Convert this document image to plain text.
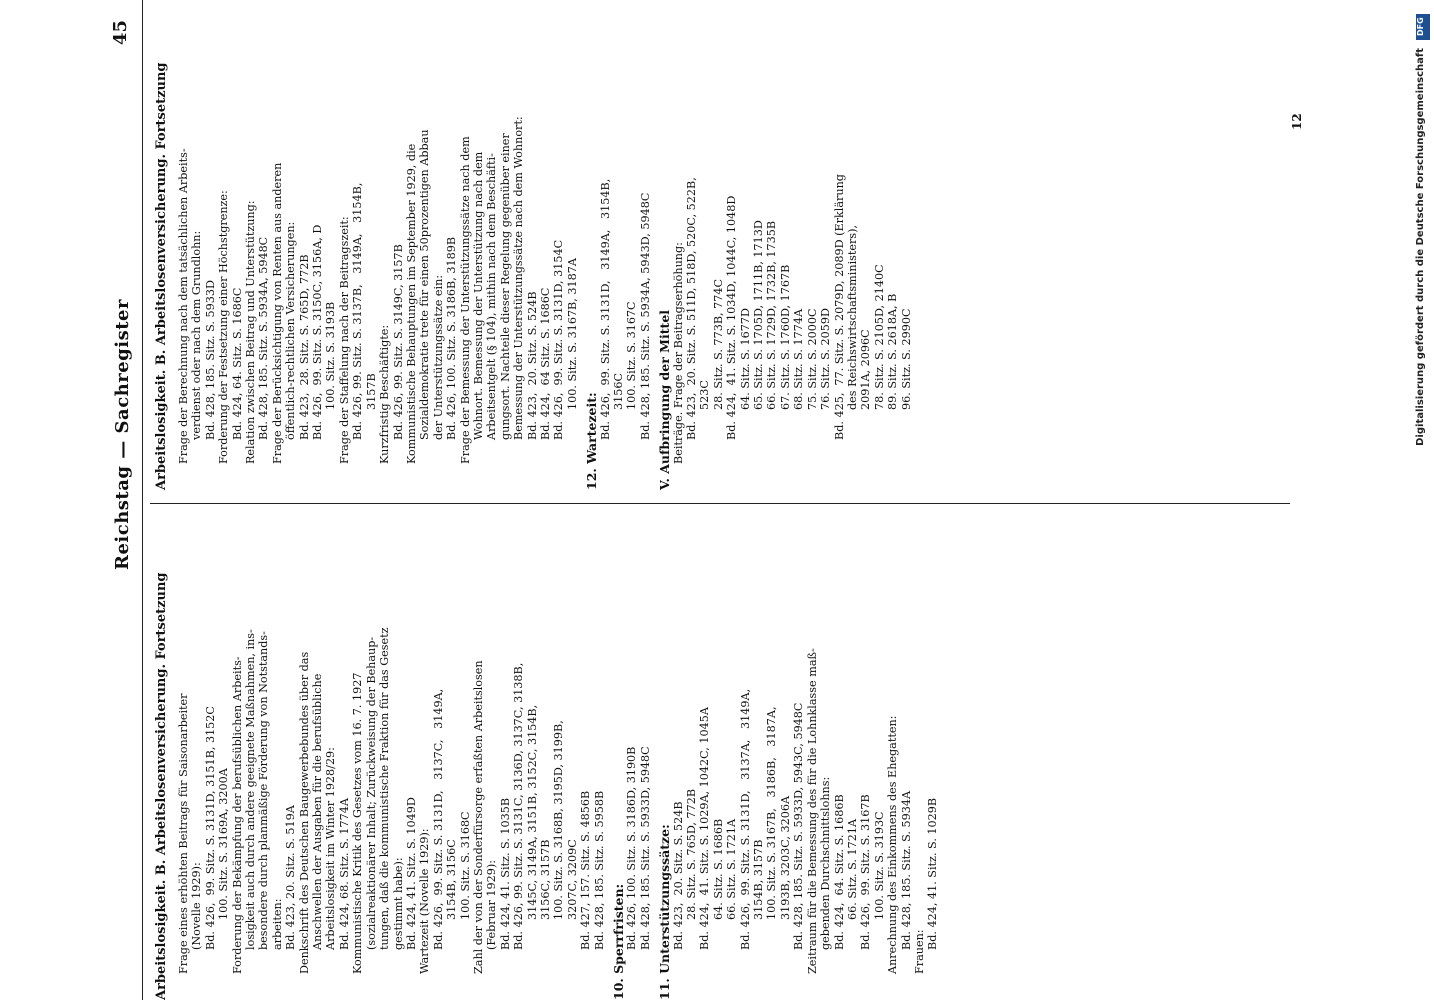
Reichstag — Sachregister
45
Arbeitslosigkeit. B. Arbeitslosenversicherung. Fortsetzung Frage eines erhöhten Beitrags für Saisonarbeiter (Novelle 1929): Bd. 426,  99. Sitz. S. 3131D, 3151B, 3152C 100. Sitz. S. 3169A, 3200A Forderung der Bekämpfung der berufsüblichen Arbeits- losigkeit auch durch andere geeignete Maßnahmen, ins- besondere durch planmäßige Förderung von Notstands- arbeiten: Bd. 423, 20. Sitz. S. 519A Denkschrift des Deutschen Baugewerbebundes über das Anschwellen der Ausgaben für die berufsübliche Arbeitslosigkeit im Winter 1928/29: Bd. 424, 68. Sitz. S. 1774A Kommunistische Kritik des Gesetzes vom 16. 7. 1927 (sozialreaktionärer Inhalt; Zurückweisung der Behaup- tungen, daß die kommunistische Fraktion für das Gesetz gestimmt habe): Bd. 424, 41. Sitz. S. 1049D Wartezeit (Novelle 1929): Bd. 426,  99. Sitz. S. 3131D,   3137C,   3149A, 3154B, 3156C 100. Sitz. S. 3168C Zahl der von der Sonderfürsorge erfaßten Arbeitslosen (Februar 1929): Bd. 424, 41. Sitz. S. 1035B Bd. 426, 99. Sitz. S. 3131C, 3136D, 3137C, 3138B, 3145C, 3149A, 3151B, 3152C, 3154B, 3156C, 3157B 100. Sitz. S. 3168B, 3195D, 3199B, 3207C, 3209C Bd. 427, 157. Sitz. S. 4856B Bd. 428, 185. Sitz. S. 5958B 10. Sperrfristen: Bd. 426, 100. Sitz. S. 3186D, 3190B Bd. 428, 185. Sitz. S. 5933D, 5948C 11. Unterstützungssätze: Bd. 423,  20. Sitz. S. 524B 28. Sitz. S. 765D, 772B Bd. 424,  41. Sitz. S. 1029A, 1042C, 1045A 64. Sitz. S. 1686B 66. Sitz. S. 1721A Bd. 426,  99. Sitz. S. 3131D,   3137A,   3149A, 3154B, 3157B 100. Sitz. S. 3167B,   3186B,   3187A, 3193B, 3203C, 3206A Bd. 428, 185. Sitz. S. 5933D, 5943C, 5948C Zeitraum für die Bemessung des für die Lohnklasse maß- gebenden Durchschnittslohns: Bd. 424,  64. Sitz. S. 1686B 66. Sitz. S. 1721A Bd. 426,  99. Sitz. S. 3167B 100. Sitz. S. 3193C Anrechnung des Einkommens des Ehegatten: Bd. 428, 185. Sitz. S. 5934A
Frauen:
Bd. 424, 41. Sitz. S. 1029B
Arbeitslosigkeit. B. Arbeitslosenversicherung. Fortsetzung Frage der Berechnung nach dem tatsächlichen Arbeits- verdienst oder nach dem Grundlohn: Bd. 428, 185. Sitz. S. 5933D Forderung der Festsetzung einer Höchstgrenze: Bd. 424, 64. Sitz. S. 1686C Relation zwischen Beitrag und Unterstützung: Bd. 428, 185. Sitz. S. 5934A, 5948C Frage der Berücksichtigung von Renten aus anderen öffentlich-rechtlichen Versicherungen: Bd. 423,  28. Sitz. S. 765D, 772B Bd. 426,  99. Sitz. S. 3150C, 3156A, D 100. Sitz. S. 3193B Frage der Staffelung nach der Beitragszeit: Bd. 426, 99. Sitz. S. 3137B,   3149A,   3154B, 3157B Kurzfristig Beschäftigte: Bd. 426, 99. Sitz. S. 3149C, 3157B Kommunistische Behauptungen im September 1929, die Sozialdemokratie trete für einen 50prozentigen Abbau der Unterstützungssätze ein: Bd. 426, 100. Sitz. S. 3186B, 3189B Frage der Bemessung der Unterstützungssätze nach dem Wohnort. Bemessung der Unterstützung nach dem Arbeitsentgelt (§ 104), mithin nach dem Beschäfti- gungsort. Nachteile dieser Regelung gegenüber einer Bemessung der Unterstützungssätze nach dem Wohnort: Bd. 423,  20. Sitz. S. 524B Bd. 424,  64 Sitz. S. 1686C Bd. 426,  99. Sitz. S. 3131D, 3154C 100. Sitz. S. 3167B, 3187A
12. Wartezeit:
Bd. 426,  99. Sitz. S. 3131D,   3149A,   3154B, 3156C 100. Sitz. S. 3167C Bd. 428, 185. Sitz. S. 5934A, 5943D, 5948C V. Aufbringung der Mittel Beiträge. Frage der Beitragserhöhung: Bd. 423,  20. Sitz. S. 511D, 518D, 520C, 522B, 523C 28. Sitz. S. 773B, 774C Bd. 424,  41. Sitz. S. 1034D, 1044C, 1048D 64. Sitz. S. 1677D 65. Sitz. S. 1705D, 1711B, 1713D 66. Sitz. S. 1729D, 1732B, 1735B 67. Sitz. S. 1760D, 1767B 68. Sitz. S. 1774A 75. Sitz. S. 2000C 76. Sitz. S. 2059D Bd. 425,  77. Sitz. S. 2079D, 2089D (Erklärung des Reichswirtschaftsministers), 2091A, 2096C 78. Sitz. S. 2105D, 2140C 89. Sitz. S. 2618A, B 96. Sitz. S. 2990C
12
DFG
Digitalisierung gefördert durch die Deutsche Forschungsgemeinschaft
